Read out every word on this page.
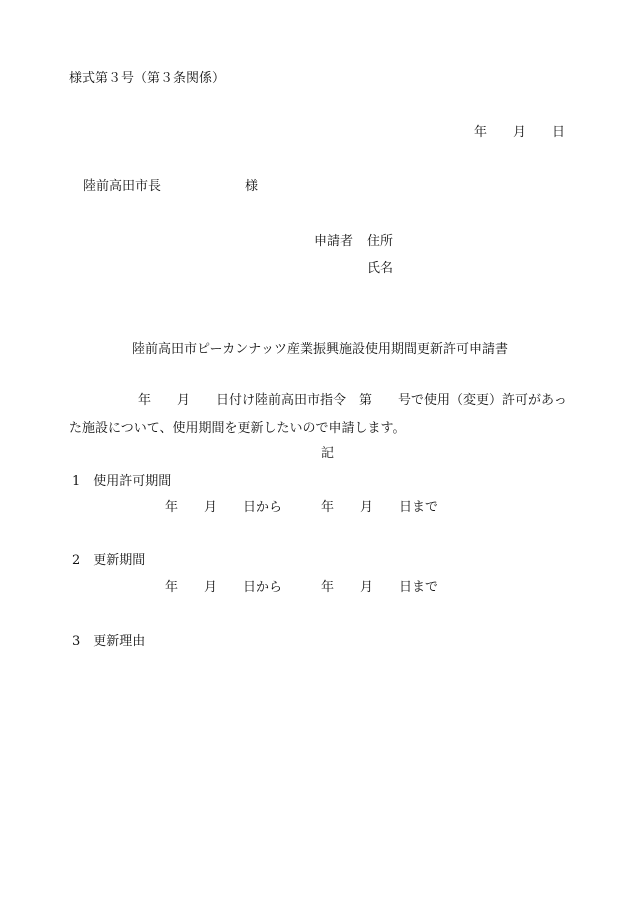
様式第３号（第３条関係）
年　　月　　日
陸前高田市長	様
申請者 住所
氏名
陸前高田市ピーカンナッツ産業振興施設使用期間更新許可申請書
年　　月　　日付け陸前高田市指令　第　　号で使用（変更）許可があっ
た施設について、使用期間を更新したいので申請します。
記
1　使用許可期間
年　　月　　日から　　　年　　月　　日まで
2　更新期間
年　　月　　日から　　　年　　月　　日まで
3　更新理由
